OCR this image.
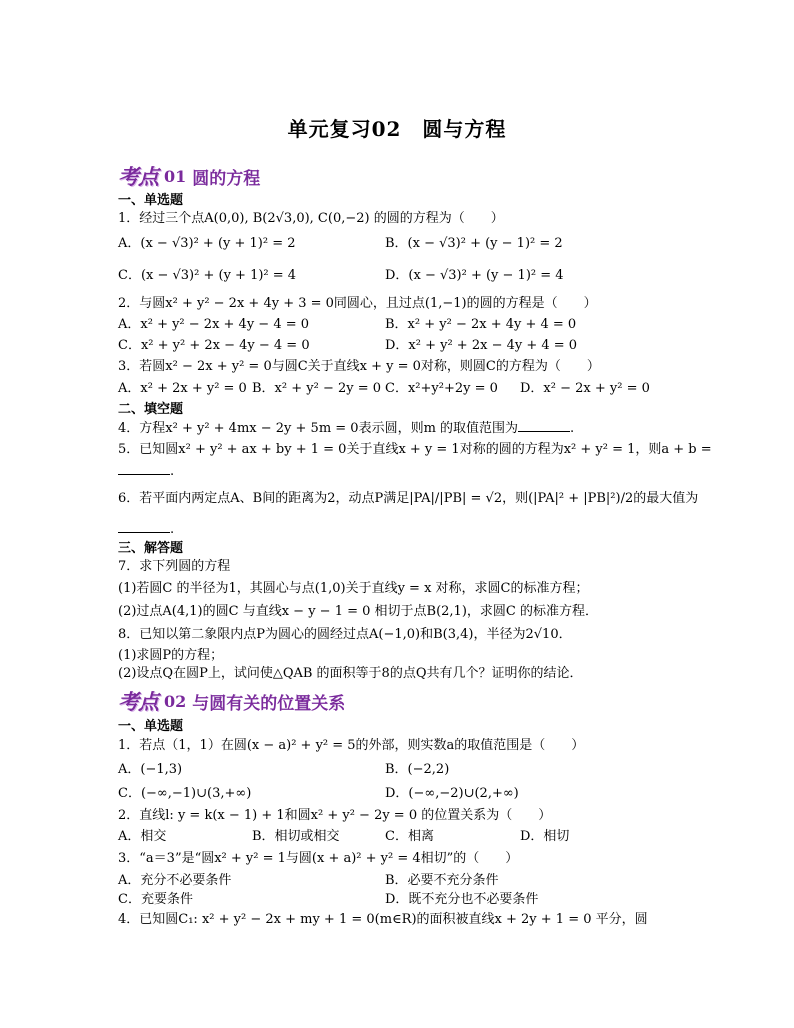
单元复习02　圆与方程
考点 01 圆的方程
一、单选题
1．经过三个点A(0,0), B(2√3,0), C(0,−2) 的圆的方程为（　　）
A．(x − √3)² + (y + 1)² = 2	B．(x − √3)² + (y − 1)² = 2
C．(x − √3)² + (y + 1)² = 4	D．(x − √3)² + (y − 1)² = 4
2．与圆x² + y² − 2x + 4y + 3 = 0同圆心，且过点(1,−1)的圆的方程是（　　）
A．x² + y² − 2x + 4y − 4 = 0	B．x² + y² − 2x + 4y + 4 = 0
C．x² + y² + 2x − 4y − 4 = 0	D．x² + y² + 2x − 4y + 4 = 0
3．若圆x² − 2x + y² = 0与圆C关于直线x + y = 0对称，则圆C的方程为（　　）
A．x² + 2x + y² = 0 B．x² + y² − 2y = 0 C．x²+y²+2y = 0 D．x² − 2x + y² = 0
二、填空题
4．方程x² + y² + 4mx − 2y + 5m = 0表示圆，则m 的取值范围为	.
5．已知圆x² + y² + ax + by + 1 = 0关于直线x + y = 1对称的圆的方程为x² + y² = 1，则a + b =
.
6．若平面内两定点A、B间的距离为2，动点P满足|PA|/|PB| = √2，则(|PA|² + |PB|²)/2的最大值为
.
三、解答题
7．求下列圆的方程
(1)若圆C 的半径为1，其圆心与点(1,0)关于直线y = x 对称，求圆C的标准方程；
(2)过点A(4,1)的圆C 与直线x − y − 1 = 0 相切于点B(2,1)，求圆C 的标准方程．
8．已知以第二象限内点P为圆心的圆经过点A(−1,0)和B(3,4)，半径为2√10．
(1)求圆P的方程；
(2)设点Q在圆P上，试问使△QAB 的面积等于8的点Q共有几个？证明你的结论．
考点 02 与圆有关的位置关系
一、单选题
1．若点（1，1）在圆(x − a)² + y² = 5的外部，则实数a的取值范围是（　　）
A．(−1,3)	B．(−2,2)
C．(−∞,−1)∪(3,+∞)	D．(−∞,−2)∪(2,+∞)
2．直线l: y = k(x − 1) + 1和圆x² + y² − 2y = 0 的位置关系为（　　）
A．相交	B．相切或相交	C．相离	D．相切
3．“a＝3”是“圆x² + y² = 1与圆(x + a)² + y² = 4相切”的（　　）
A．充分不必要条件	B．必要不充分条件
C．充要条件	D．既不充分也不必要条件
4．已知圆C₁: x² + y² − 2x + my + 1 = 0(m∈R)的面积被直线x + 2y + 1 = 0 平分，圆
